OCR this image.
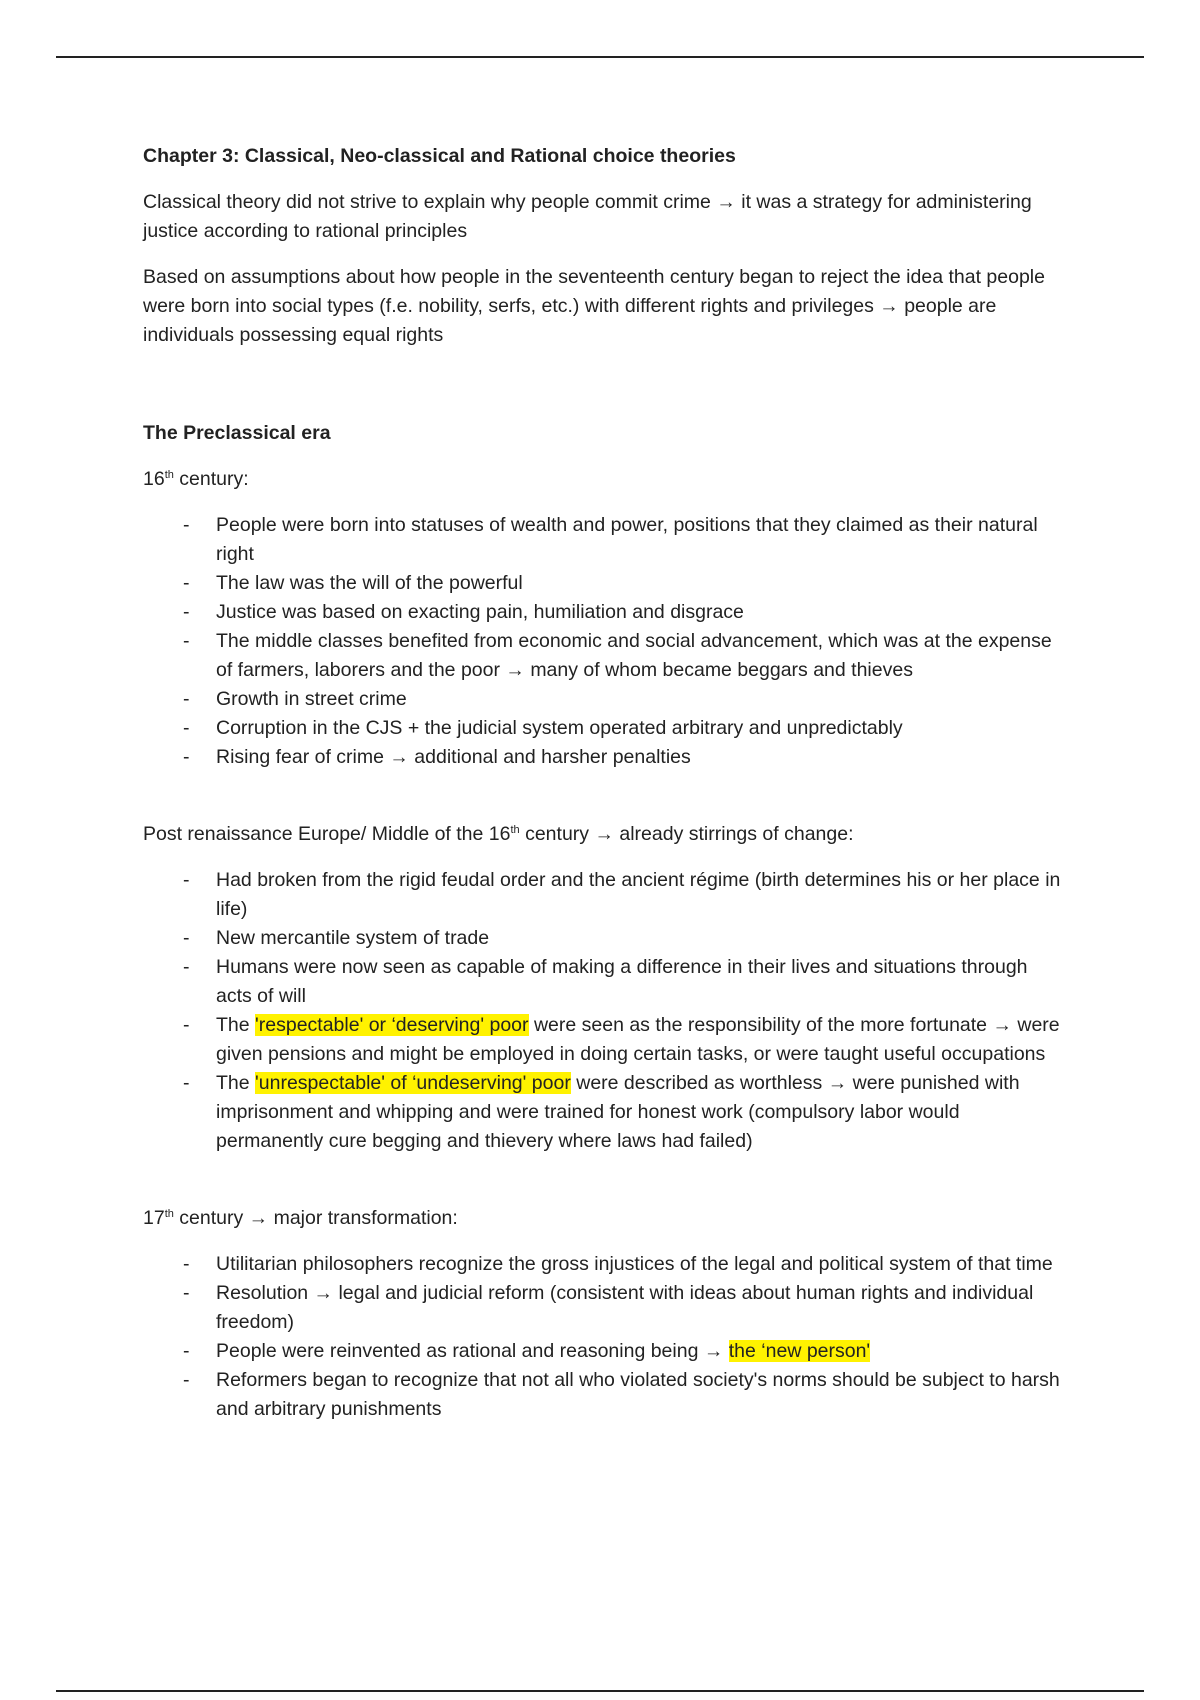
Chapter 3: Classical, Neo-classical and Rational choice theories

Classical theory did not strive to explain why people commit crime → it was a strategy for administering justice according to rational principles

Based on assumptions about how people in the seventeenth century began to reject the idea that people were born into social types (f.e. nobility, serfs, etc.) with different rights and privileges → people are individuals possessing equal rights

The Preclassical era

16th century:

- People were born into statuses of wealth and power, positions that they claimed as their natural right
- The law was the will of the powerful
- Justice was based on exacting pain, humiliation and disgrace
- The middle classes benefited from economic and social advancement, which was at the expense of farmers, laborers and the poor → many of whom became beggars and thieves
- Growth in street crime
- Corruption in the CJS + the judicial system operated arbitrary and unpredictably
- Rising fear of crime → additional and harsher penalties

Post renaissance Europe/ Middle of the 16th century → already stirrings of change:

- Had broken from the rigid feudal order and the ancient régime (birth determines his or her place in life)
- New mercantile system of trade
- Humans were now seen as capable of making a difference in their lives and situations through acts of will
- The 'respectable' or ‘deserving' poor were seen as the responsibility of the more fortunate → were given pensions and might be employed in doing certain tasks, or were taught useful occupations
- The 'unrespectable' of ‘undeserving' poor were described as worthless → were punished with imprisonment and whipping and were trained for honest work (compulsory labor would permanently cure begging and thievery where laws had failed)

17th century → major transformation:

- Utilitarian philosophers recognize the gross injustices of the legal and political system of that time
- Resolution → legal and judicial reform (consistent with ideas about human rights and individual freedom)
- People were reinvented as rational and reasoning being → the ‘new person'
- Reformers began to recognize that not all who violated society's norms should be subject to harsh and arbitrary punishments
